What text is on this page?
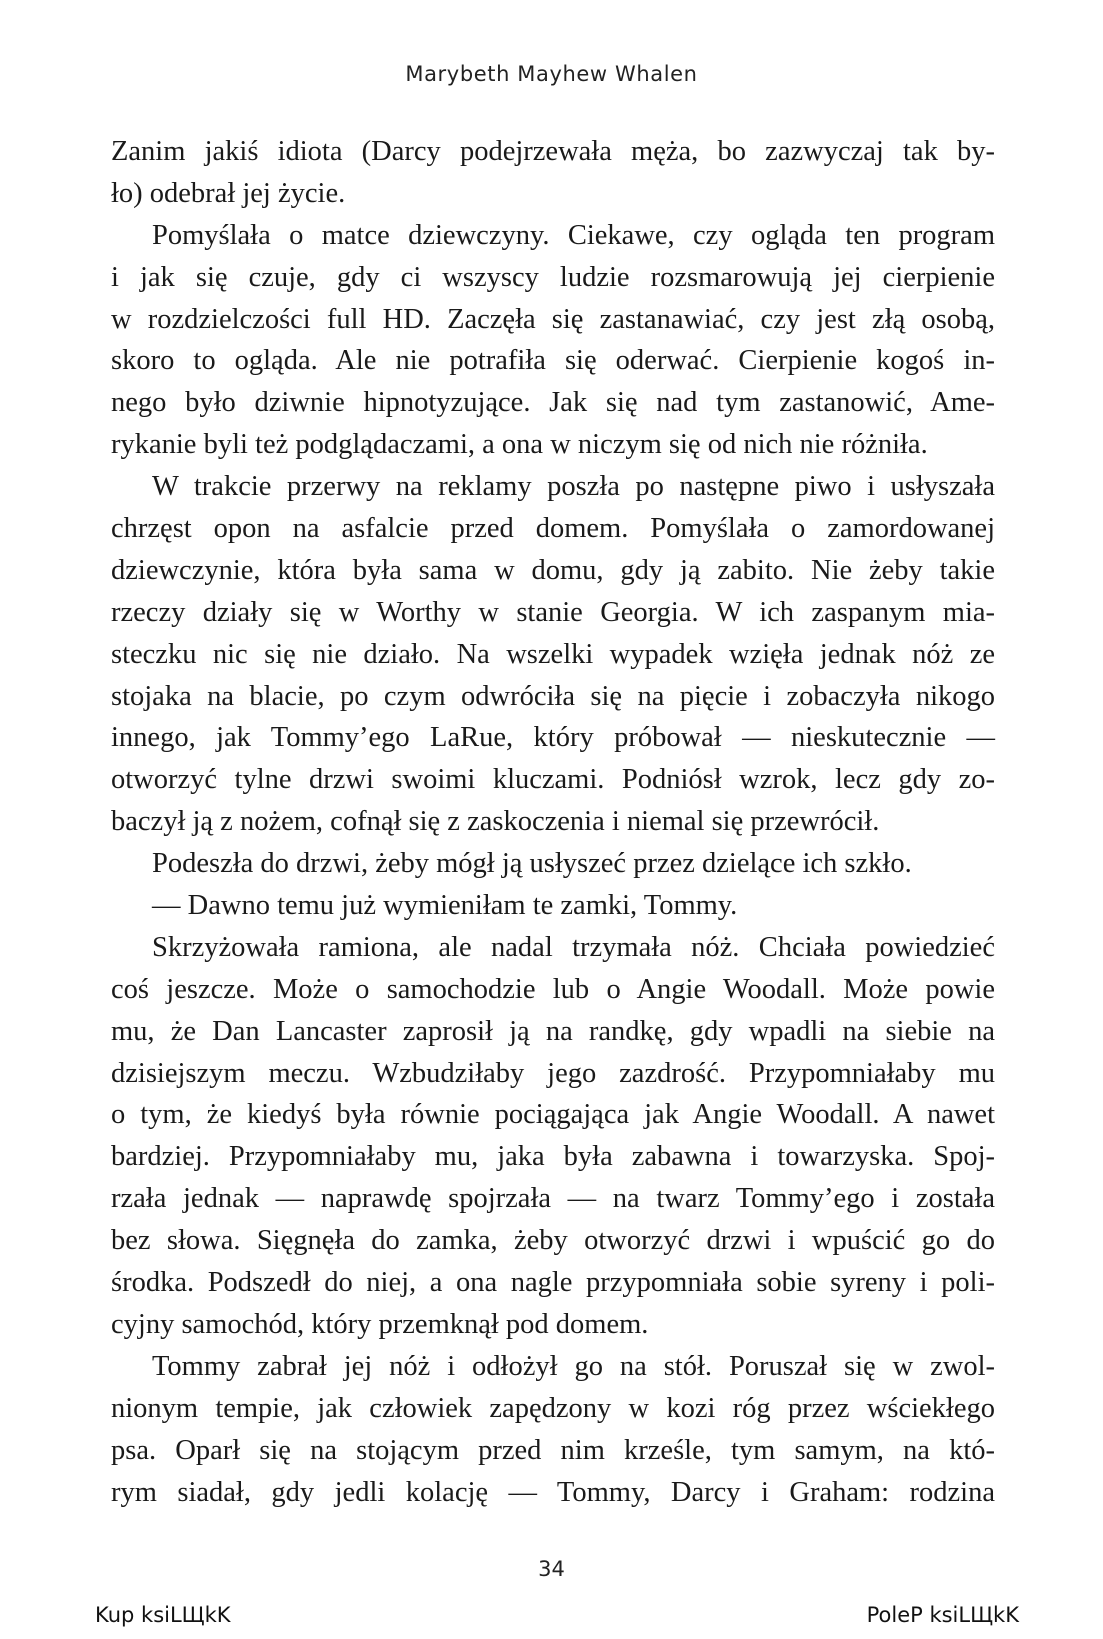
Marybeth Mayhew Whalen
Zanim jakiś idiota (Darcy podejrzewała męża, bo zazwyczaj tak by-
ło) odebrał jej życie.
Pomyślała o matce dziewczyny. Ciekawe, czy ogląda ten program
i jak się czuje, gdy ci wszyscy ludzie rozsmarowują jej cierpienie
w rozdzielczości full HD. Zaczęła się zastanawiać, czy jest złą osobą,
skoro to ogląda. Ale nie potrafiła się oderwać. Cierpienie kogoś in-
nego było dziwnie hipnotyzujące. Jak się nad tym zastanowić, Ame-
rykanie byli też podglądaczami, a ona w niczym się od nich nie różniła.
W trakcie przerwy na reklamy poszła po następne piwo i usłyszała
chrzęst opon na asfalcie przed domem. Pomyślała o zamordowanej
dziewczynie, która była sama w domu, gdy ją zabito. Nie żeby takie
rzeczy działy się w Worthy w stanie Georgia. W ich zaspanym mia-
steczku nic się nie działo. Na wszelki wypadek wzięła jednak nóż ze
stojaka na blacie, po czym odwróciła się na pięcie i zobaczyła nikogo
innego, jak Tommy’ego LaRue, który próbował — nieskutecznie —
otworzyć tylne drzwi swoimi kluczami. Podniósł wzrok, lecz gdy zo-
baczył ją z nożem, cofnął się z zaskoczenia i niemal się przewrócił.
Podeszła do drzwi, żeby mógł ją usłyszeć przez dzielące ich szkło.
— Dawno temu już wymieniłam te zamki, Tommy.
Skrzyżowała ramiona, ale nadal trzymała nóż. Chciała powiedzieć
coś jeszcze. Może o samochodzie lub o Angie Woodall. Może powie
mu, że Dan Lancaster zaprosił ją na randkę, gdy wpadli na siebie na
dzisiejszym meczu. Wzbudziłaby jego zazdrość. Przypomniałaby mu
o tym, że kiedyś była równie pociągająca jak Angie Woodall. A nawet
bardziej. Przypomniałaby mu, jaka była zabawna i towarzyska. Spoj-
rzała jednak — naprawdę spojrzała — na twarz Tommy’ego i została
bez słowa. Sięgnęła do zamka, żeby otworzyć drzwi i wpuścić go do
środka. Podszedł do niej, a ona nagle przypomniała sobie syreny i poli-
cyjny samochód, który przemknął pod domem.
Tommy zabrał jej nóż i odłożył go na stół. Poruszał się w zwol-
nionym tempie, jak człowiek zapędzony w kozi róg przez wściekłego
psa. Oparł się na stojącym przed nim krześle, tym samym, na któ-
rym siadał, gdy jedli kolację — Tommy, Darcy i Graham: rodzina
34
Kup ksiLЩkK	PoleP ksiLЩkK
